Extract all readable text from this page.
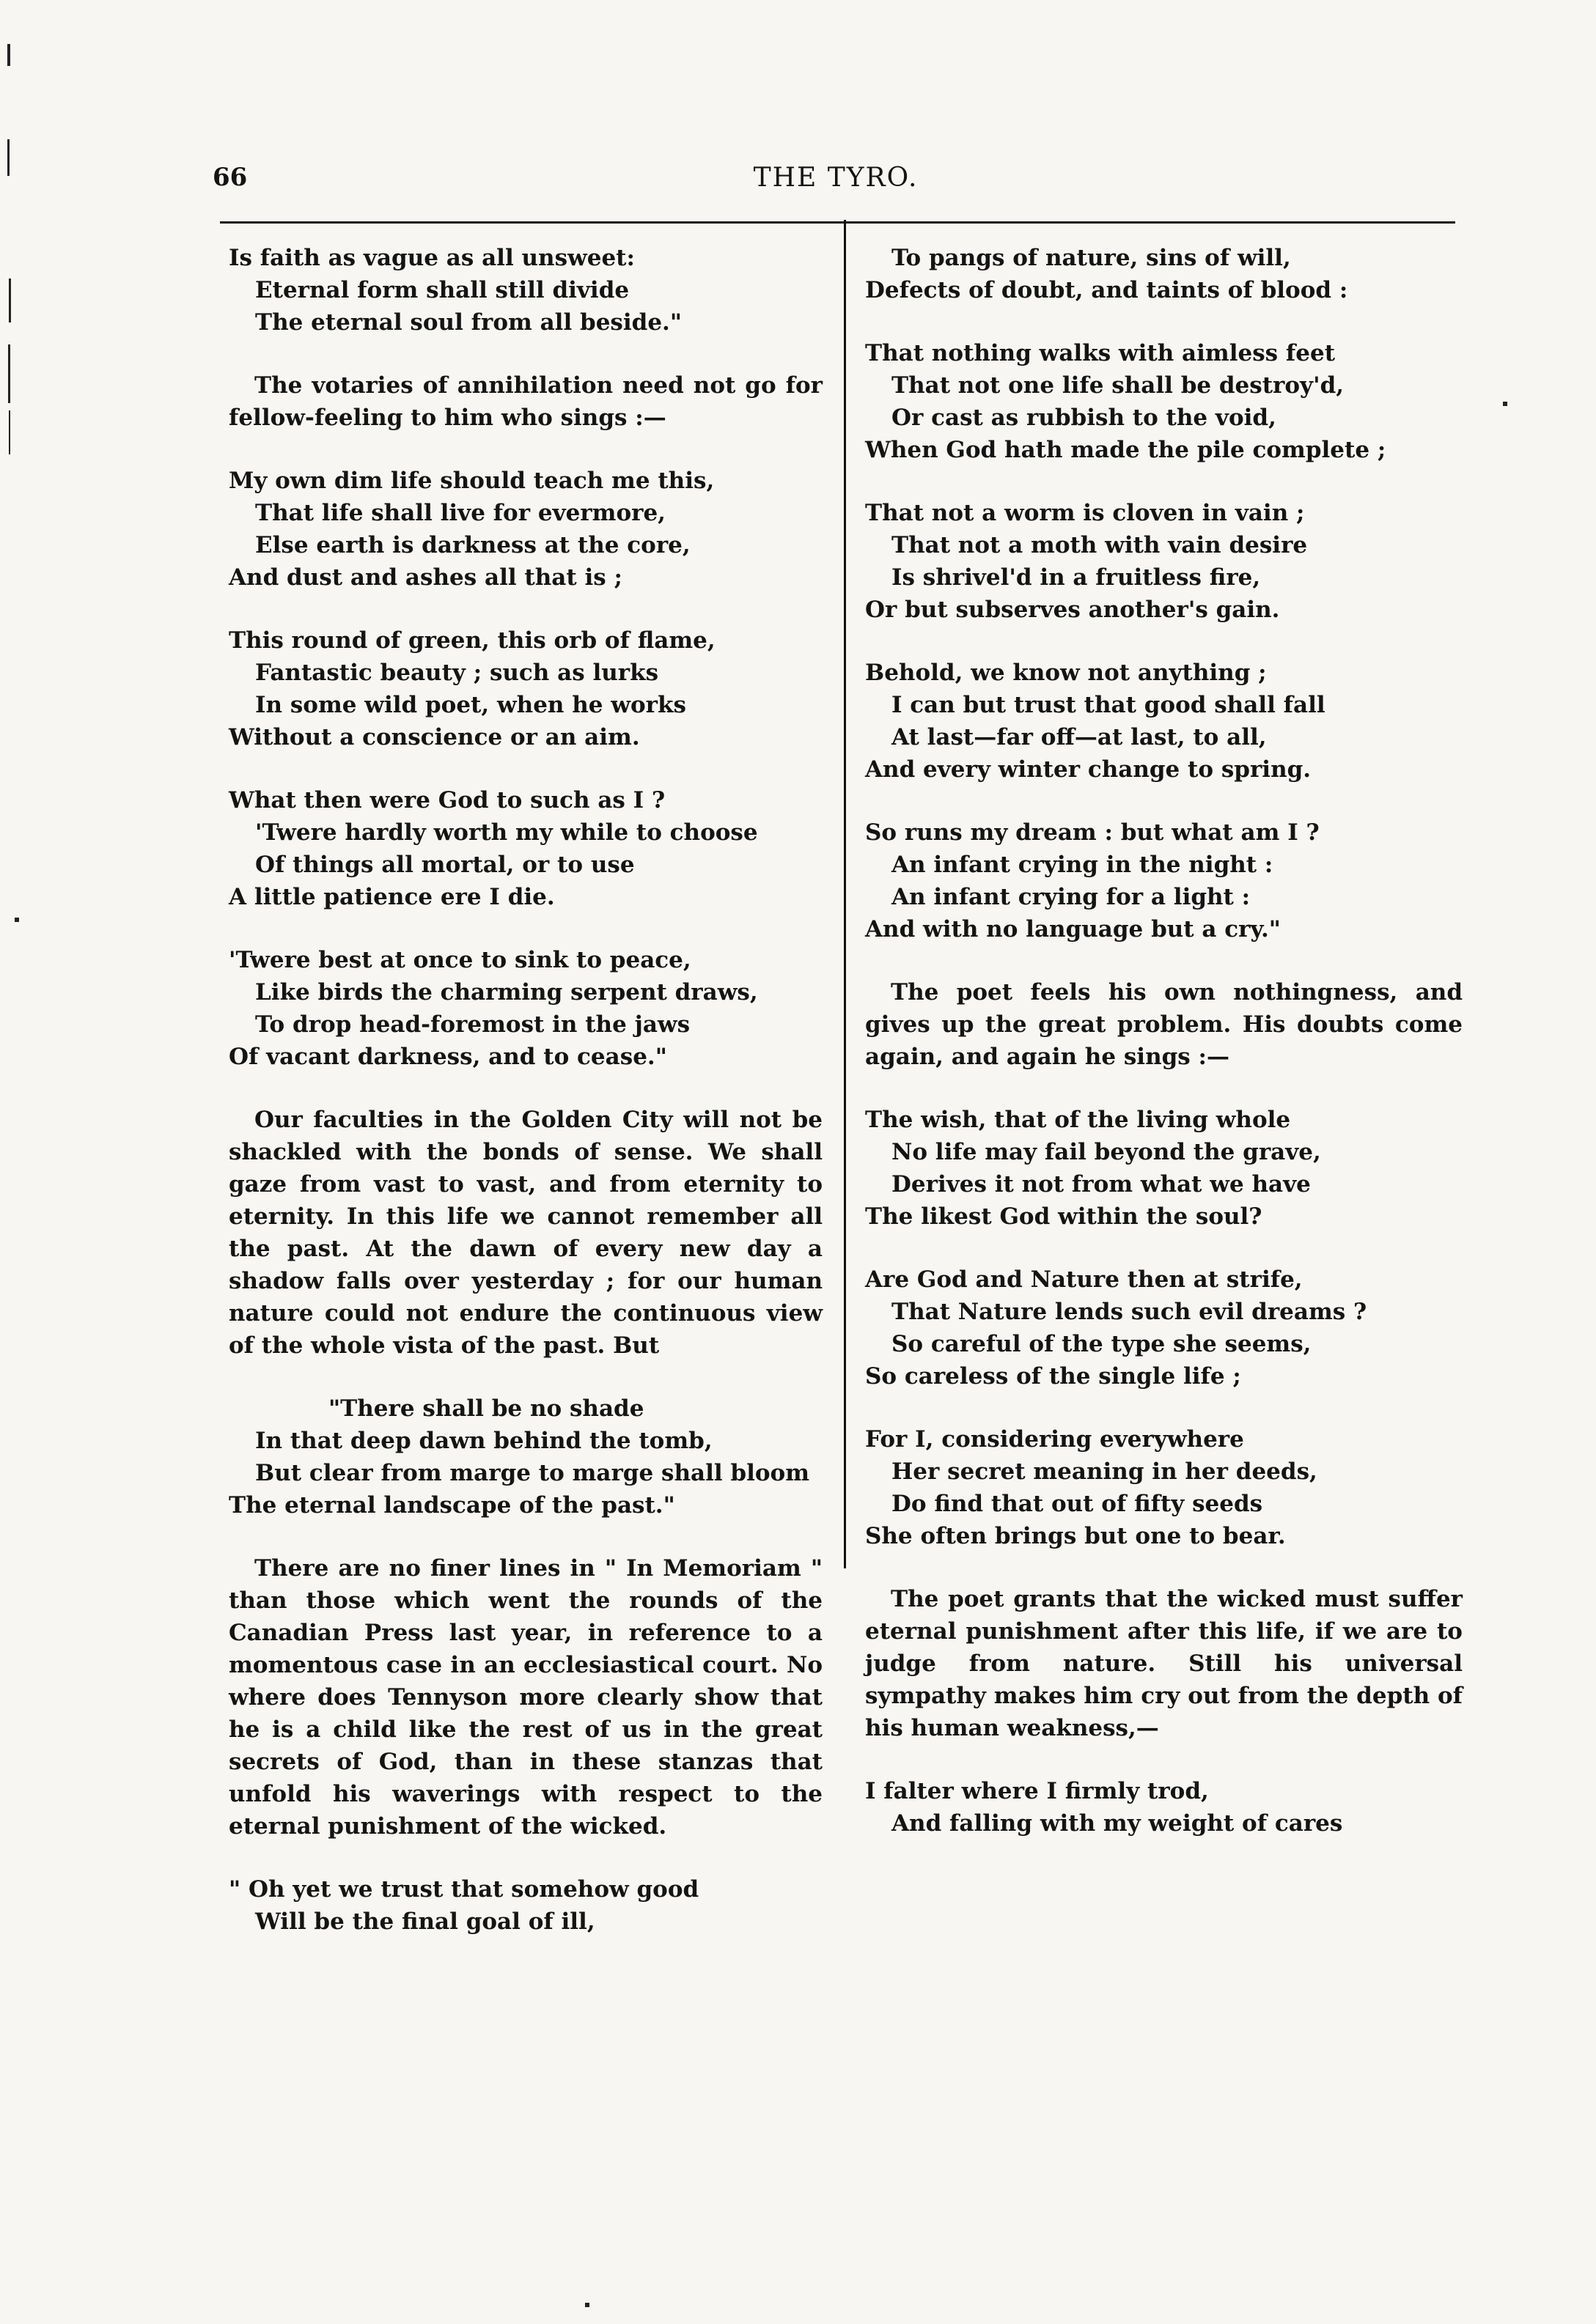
66	THE TYRO.
Is faith as vague as all unsweet:
Eternal form shall still divide
The eternal soul from all beside."

The votaries of annihilation need not go for fellow-feeling to him who sings :—

My own dim life should teach me this,
That life shall live for evermore,
Else earth is darkness at the core,
And dust and ashes all that is ;
This round of green, this orb of flame,
Fantastic beauty ; such as lurks
In some wild poet, when he works
Without a conscience or an aim.
What then were God to such as I ?
'Twere hardly worth my while to choose
Of things all mortal, or to use
A little patience ere I die.
'Twere best at once to sink to peace,
Like birds the charming serpent draws,
To drop head-foremost in the jaws
Of vacant darkness, and to cease."

Our faculties in the Golden City will not be shackled with the bonds of sense. We shall gaze from vast to vast, and from eternity to eternity. In this life we cannot remember all the past. At the dawn of every new day a shadow falls over yesterday ; for our human nature could not endure the continuous view of the whole vista of the past. But

"There shall be no shade
In that deep dawn behind the tomb,
But clear from marge to marge shall bloom
The eternal landscape of the past."

There are no finer lines in " In Memoriam " than those which went the rounds of the Canadian Press last year, in reference to a momentous case in an ecclesiastical court. No where does Tennyson more clearly show that he is a child like the rest of us in the great secrets of God, than in these stanzas that unfold his waverings with respect to the eternal punishment of the wicked.

" Oh yet we trust that somehow good
Will be the final goal of ill,
To pangs of nature, sins of will,
Defects of doubt, and taints of blood :
That nothing walks with aimless feet
That not one life shall be destroy'd,
Or cast as rubbish to the void,
When God hath made the pile complete ;
That not a worm is cloven in vain ;
That not a moth with vain desire
Is shrivel'd in a fruitless fire,
Or but subserves another's gain.
Behold, we know not anything ;
I can but trust that good shall fall
At last—far off—at last, to all,
And every winter change to spring.
So runs my dream : but what am I ?
An infant crying in the night :
An infant crying for a light :
And with no language but a cry."

The poet feels his own nothingness, and gives up the great problem. His doubts come again, and again he sings :—

The wish, that of the living whole
No life may fail beyond the grave,
Derives it not from what we have
The likest God within the soul?
Are God and Nature then at strife,
That Nature lends such evil dreams ?
So careful of the type she seems,
So careless of the single life ;
For I, considering everywhere
Her secret meaning in her deeds,
Do find that out of fifty seeds
She often brings but one to bear.

The poet grants that the wicked must suffer eternal punishment after this life, if we are to judge from nature. Still his universal sympathy makes him cry out from the depth of his human weakness,—

I falter where I firmly trod,
And falling with my weight of cares
